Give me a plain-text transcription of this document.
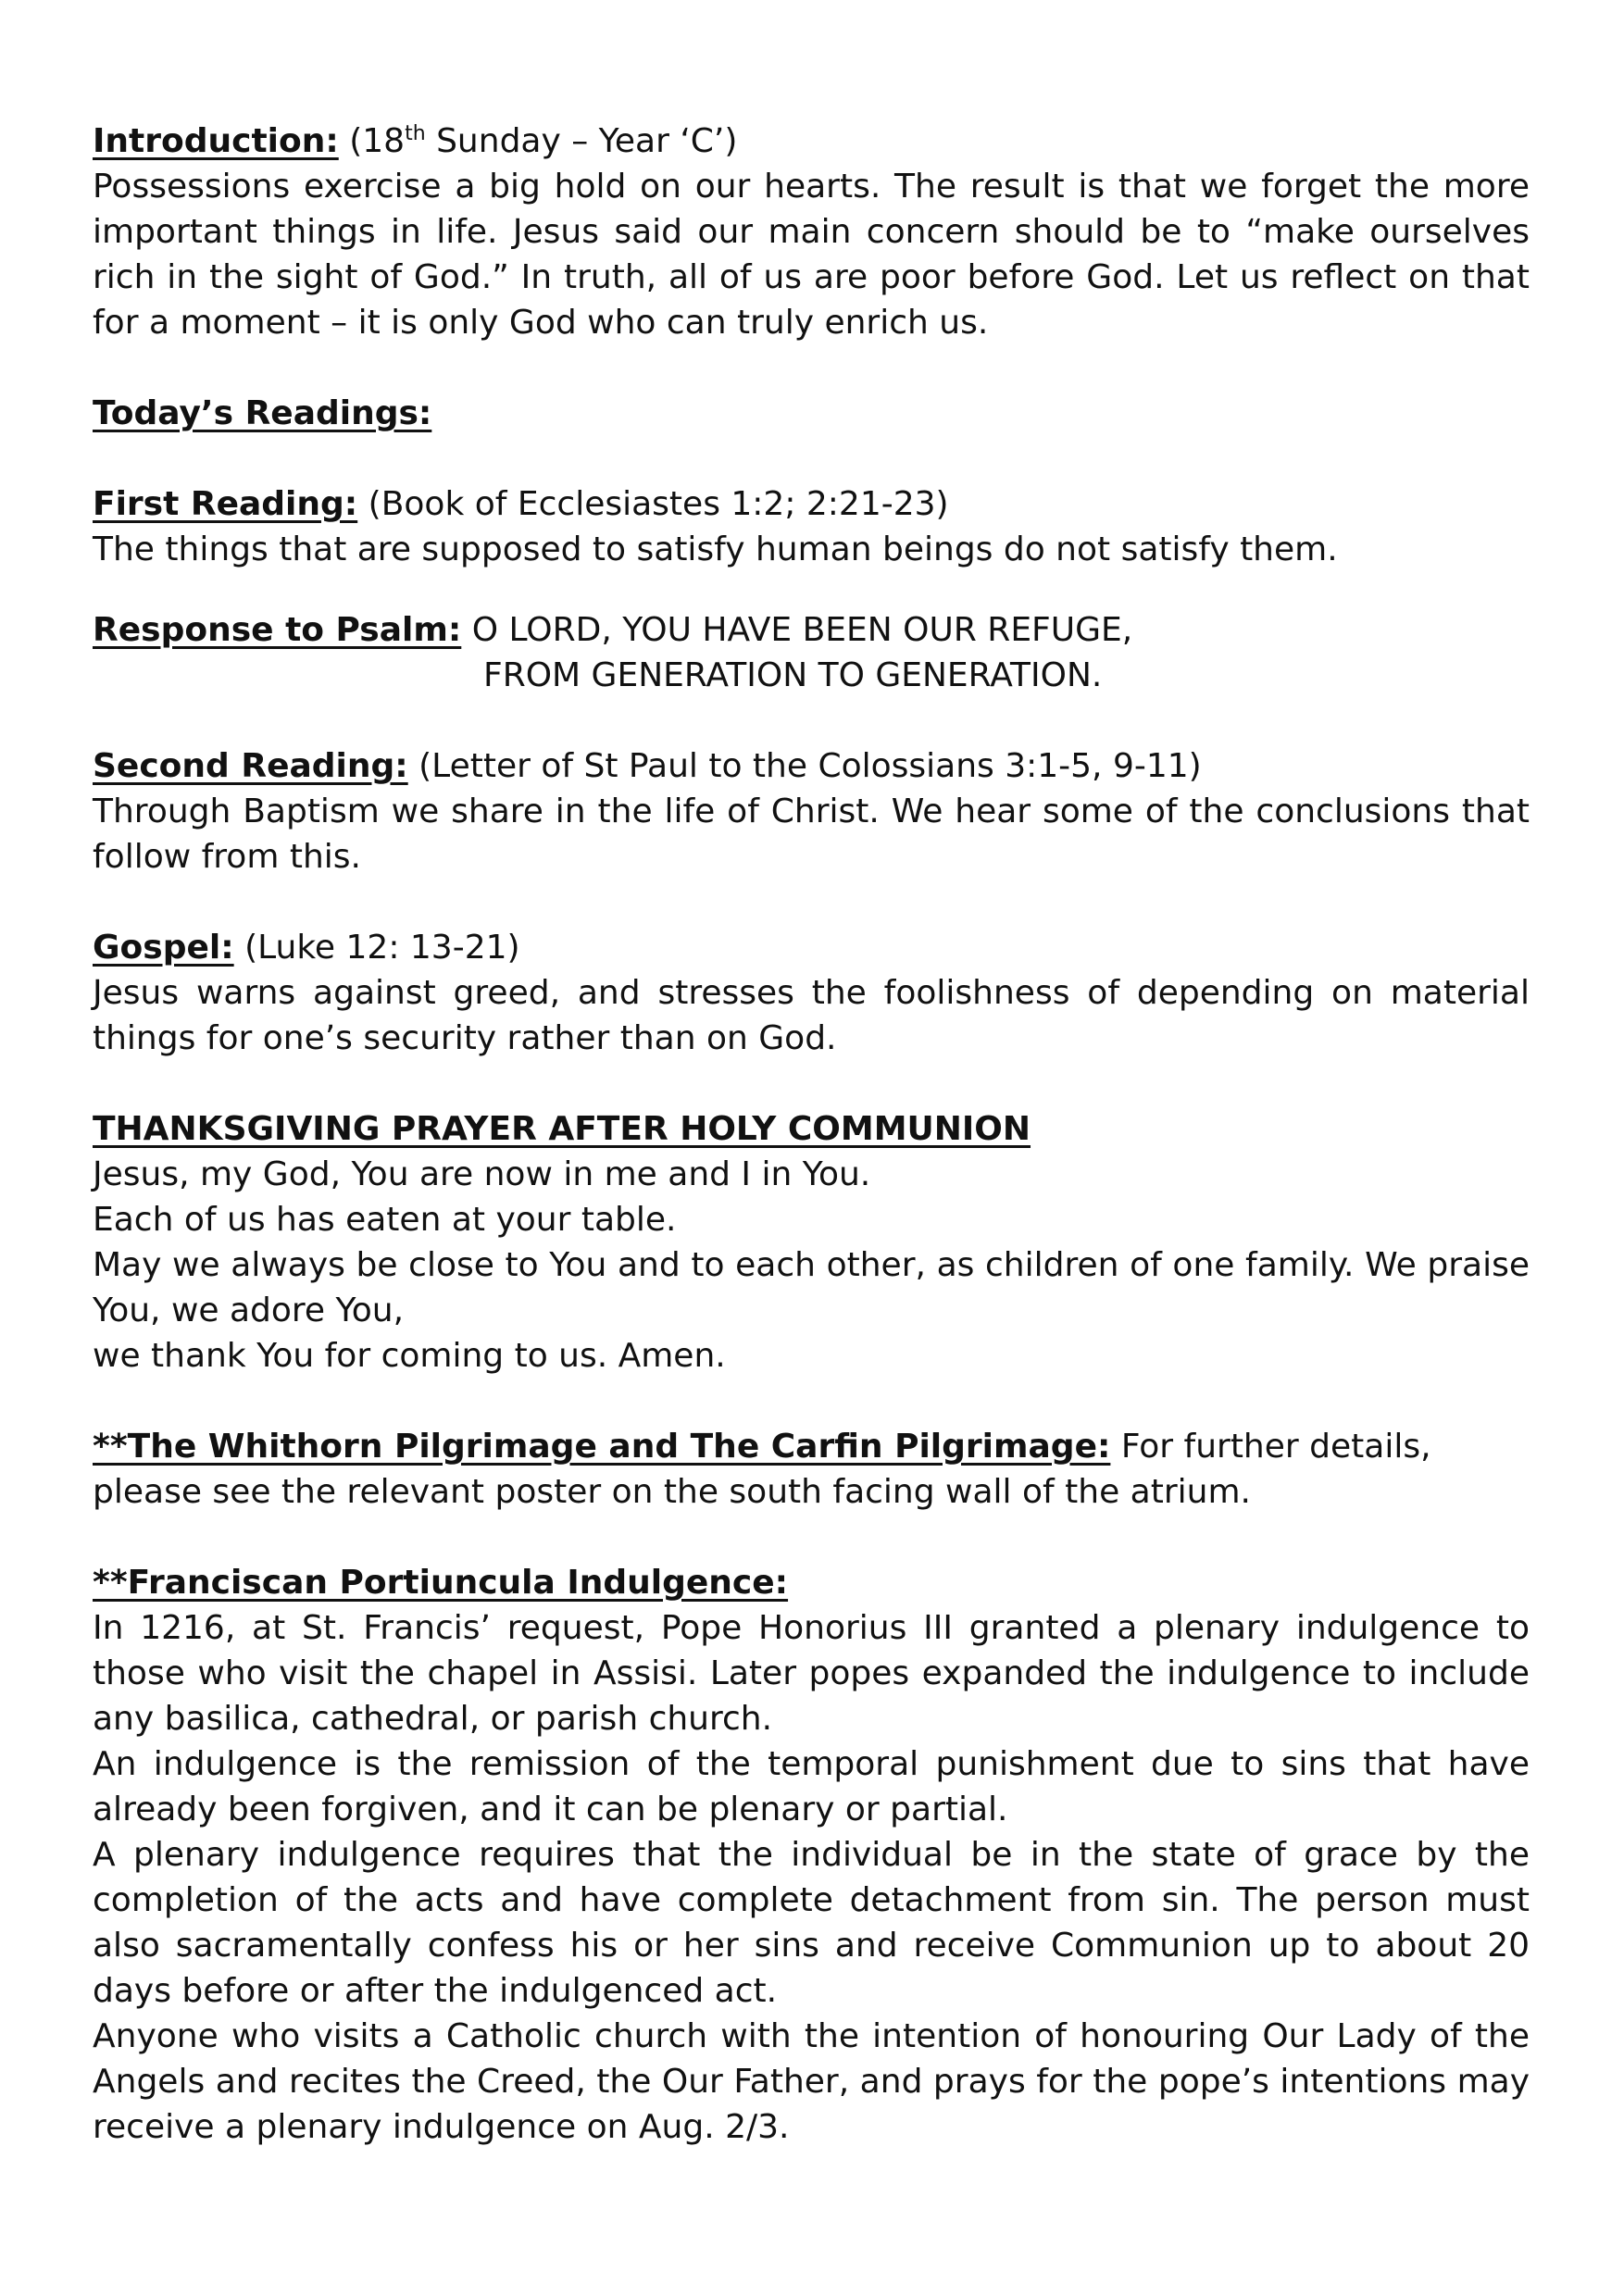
Introduction: (18th Sunday – Year ‘C’)

Possessions exercise a big hold on our hearts. The result is that we forget the more important things in life. Jesus said our main concern should be to “make ourselves rich in the sight of God.” In truth, all of us are poor before God. Let us reflect on that for a moment – it is only God who can truly enrich us.

Today’s Readings:

First Reading: (Book of Ecclesiastes 1:2; 2:21-23)

The things that are supposed to satisfy human beings do not satisfy them.

Response to Psalm: O LORD, YOU HAVE BEEN OUR REFUGE,

FROM GENERATION TO GENERATION.

Second Reading: (Letter of St Paul to the Colossians 3:1-5, 9-11)

Through Baptism we share in the life of Christ. We hear some of the conclusions that follow from this.

Gospel: (Luke 12: 13-21)

Jesus warns against greed, and stresses the foolishness of depending on material things for one’s security rather than on God.

THANKSGIVING PRAYER AFTER HOLY COMMUNION

Jesus, my God, You are now in me and I in You.

Each of us has eaten at your table.

May we always be close to You and to each other, as children of one family. We praise You, we adore You,

we thank You for coming to us. Amen.

**The Whithorn Pilgrimage and The Carfin Pilgrimage: For further details, please see the relevant poster on the south facing wall of the atrium.

**Franciscan Portiuncula Indulgence:

In 1216, at St. Francis’ request, Pope Honorius III granted a plenary indulgence to those who visit the chapel in Assisi. Later popes expanded the indulgence to include any basilica, cathedral, or parish church.

An indulgence is the remission of the temporal punishment due to sins that have already been forgiven, and it can be plenary or partial.

A plenary indulgence requires that the individual be in the state of grace by the completion of the acts and have complete detachment from sin. The person must also sacramentally confess his or her sins and receive Communion up to about 20 days before or after the indulgenced act.

Anyone who visits a Catholic church with the intention of honouring Our Lady of the Angels and recites the Creed, the Our Father, and prays for the pope’s intentions may receive a plenary indulgence on Aug. 2/3.
